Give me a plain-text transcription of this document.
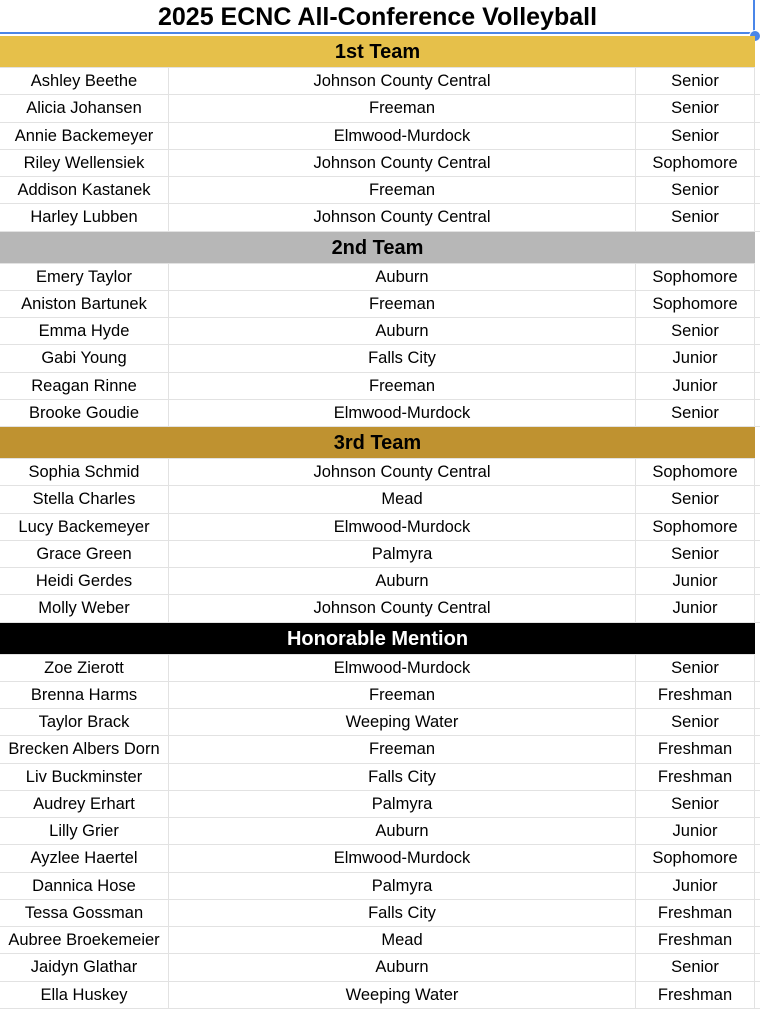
2025 ECNC All-Conference Volleyball
1st Team
Ashley Beethe	Johnson County Central	Senior
Alicia Johansen	Freeman	Senior
Annie Backemeyer	Elmwood-Murdock	Senior
Riley Wellensiek	Johnson County Central	Sophomore
Addison Kastanek	Freeman	Senior
Harley Lubben	Johnson County Central	Senior
2nd Team
Emery Taylor	Auburn	Sophomore
Aniston Bartunek	Freeman	Sophomore
Emma Hyde	Auburn	Senior
Gabi Young	Falls City	Junior
Reagan Rinne	Freeman	Junior
Brooke Goudie	Elmwood-Murdock	Senior
3rd Team
Sophia Schmid	Johnson County Central	Sophomore
Stella Charles	Mead	Senior
Lucy Backemeyer	Elmwood-Murdock	Sophomore
Grace Green	Palmyra	Senior
Heidi Gerdes	Auburn	Junior
Molly Weber	Johnson County Central	Junior
Honorable Mention
Zoe Zierott	Elmwood-Murdock	Senior
Brenna Harms	Freeman	Freshman
Taylor Brack	Weeping Water	Senior
Brecken Albers Dorn	Freeman	Freshman
Liv Buckminster	Falls City	Freshman
Audrey Erhart	Palmyra	Senior
Lilly Grier	Auburn	Junior
Ayzlee Haertel	Elmwood-Murdock	Sophomore
Dannica Hose	Palmyra	Junior
Tessa Gossman	Falls City	Freshman
Aubree Broekemeier	Mead	Freshman
Jaidyn Glathar	Auburn	Senior
Ella Huskey	Weeping Water	Freshman
